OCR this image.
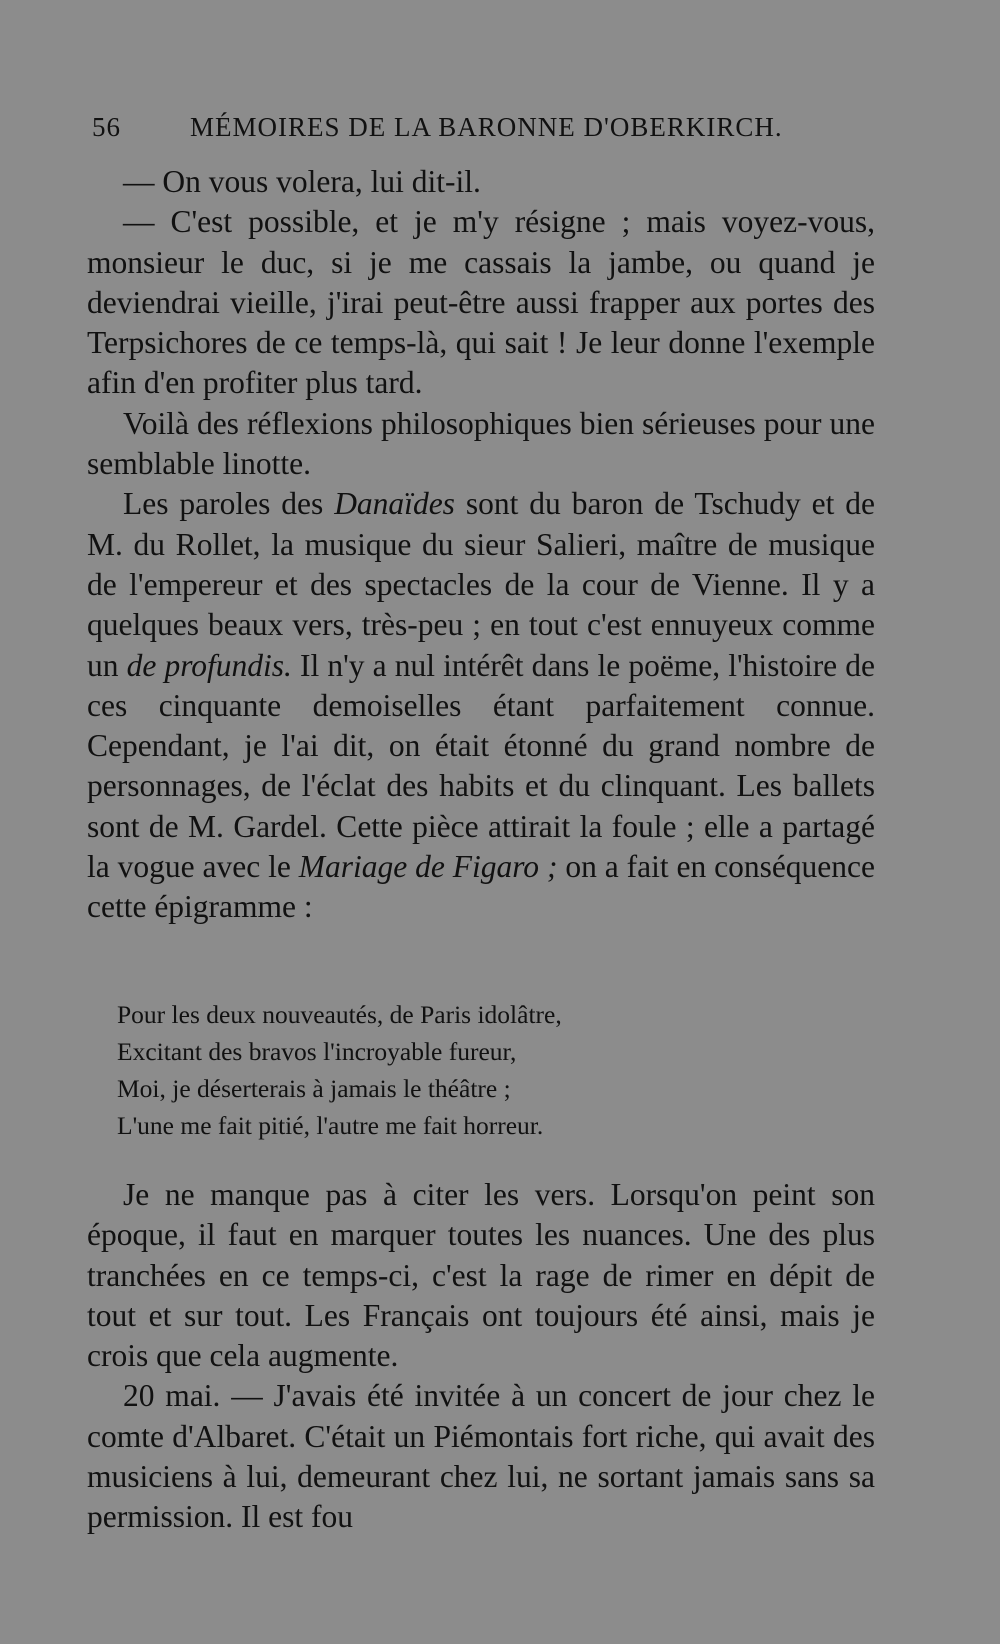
56	MÉMOIRES DE LA BARONNE D'OBERKIRCH.

— On vous volera, lui dit-il.

— C'est possible, et je m'y résigne ; mais voyez-vous, monsieur le duc, si je me cassais la jambe, ou quand je deviendrai vieille, j'irai peut-être aussi frapper aux portes des Terpsichores de ce temps-là, qui sait ! Je leur donne l'exemple afin d'en profiter plus tard.

Voilà des réflexions philosophiques bien sérieuses pour une semblable linotte.

Les paroles des Danaïdes sont du baron de Tschudy et de M. du Rollet, la musique du sieur Salieri, maître de musique de l'empereur et des spectacles de la cour de Vienne. Il y a quelques beaux vers, très-peu ; en tout c'est ennuyeux comme un de profundis. Il n'y a nul intérêt dans le poëme, l'histoire de ces cinquante demoiselles étant parfaitement connue. Cependant, je l'ai dit, on était étonné du grand nombre de personnages, de l'éclat des habits et du clinquant. Les ballets sont de M. Gardel. Cette pièce attirait la foule ; elle a partagé la vogue avec le Mariage de Figaro ; on a fait en conséquence cette épigramme :

Pour les deux nouveautés, de Paris idolâtre,
Excitant des bravos l'incroyable fureur,
Moi, je déserterais à jamais le théâtre ;
L'une me fait pitié, l'autre me fait horreur.

Je ne manque pas à citer les vers. Lorsqu'on peint son époque, il faut en marquer toutes les nuances. Une des plus tranchées en ce temps-ci, c'est la rage de rimer en dépit de tout et sur tout. Les Français ont toujours été ainsi, mais je crois que cela augmente.

20 mai. — J'avais été invitée à un concert de jour chez le comte d'Albaret. C'était un Piémontais fort riche, qui avait des musiciens à lui, demeurant chez lui, ne sortant jamais sans sa permission. Il est fou
